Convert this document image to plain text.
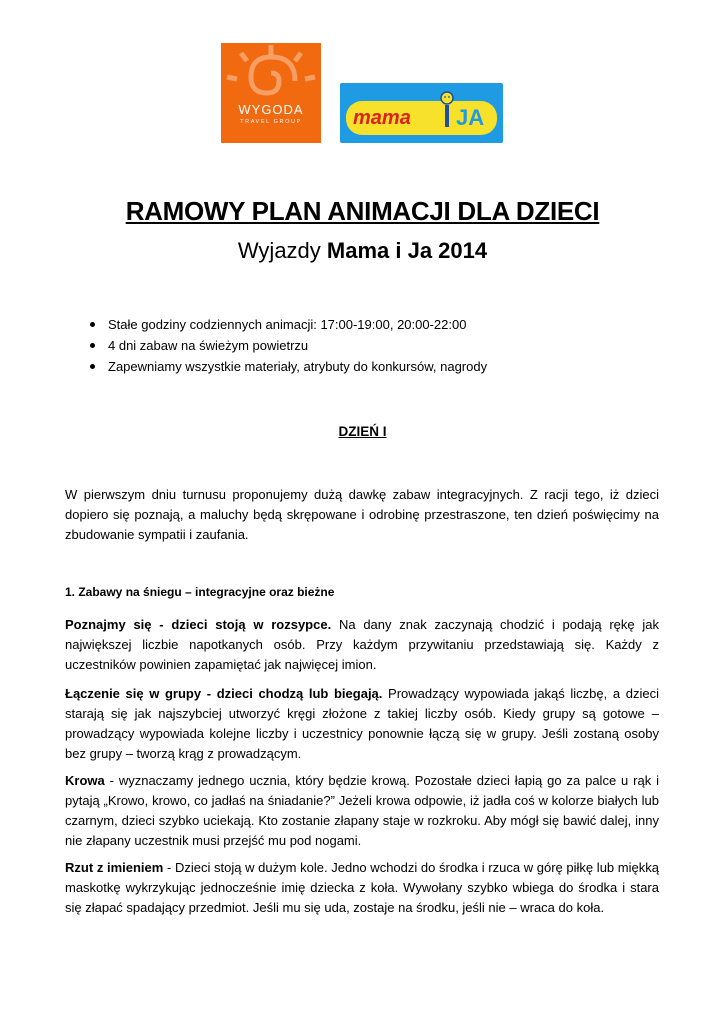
WYGODA
TRAVEL GROUP	mama JA
RAMOWY PLAN ANIMACJI DLA DZIECI
Wyjazdy Mama i Ja 2014
Stałe godziny codziennych animacji: 17:00-19:00, 20:00-22:00
4 dni zabaw na świeżym powietrzu
Zapewniamy wszystkie materiały, atrybuty do konkursów, nagrody
DZIEŃ I
W pierwszym dniu turnusu proponujemy dużą dawkę zabaw integracyjnych. Z racji tego, iż dzieci dopiero się poznają, a maluchy będą skrępowane i odrobinę przestraszone, ten dzień poświęcimy na zbudowanie sympatii i zaufania.
1. Zabawy na śniegu – integracyjne oraz bieżne
Poznajmy się - dzieci stoją w rozsypce. Na dany znak zaczynają chodzić i podają rękę jak największej liczbie napotkanych osób. Przy każdym przywitaniu przedstawiają się. Każdy z uczestników powinien zapamiętać jak najwięcej imion.
Łączenie się w grupy - dzieci chodzą lub biegają. Prowadzący wypowiada jakąś liczbę, a dzieci starają się jak najszybciej utworzyć kręgi złożone z takiej liczby osób. Kiedy grupy są gotowe – prowadzący wypowiada kolejne liczby i uczestnicy ponownie łączą się w grupy. Jeśli zostaną osoby bez grupy – tworzą krąg z prowadzącym.
Krowa - wyznaczamy jednego ucznia, który będzie krową. Pozostałe dzieci łapią go za palce u rąk i pytają „Krowo, krowo, co jadłaś na śniadanie?” Jeżeli krowa odpowie, iż jadła coś w kolorze białych lub czarnym, dzieci szybko uciekają. Kto zostanie złapany staje w rozkroku. Aby mógł się bawić dalej, inny nie złapany uczestnik musi przejść mu pod nogami.
Rzut z imieniem - Dzieci stoją w dużym kole. Jedno wchodzi do środka i rzuca w górę piłkę lub miękką maskotkę wykrzykując jednocześnie imię dziecka z koła. Wywołany szybko wbiega do środka i stara się złapać spadający przedmiot. Jeśli mu się uda, zostaje na środku, jeśli nie – wraca do koła.
